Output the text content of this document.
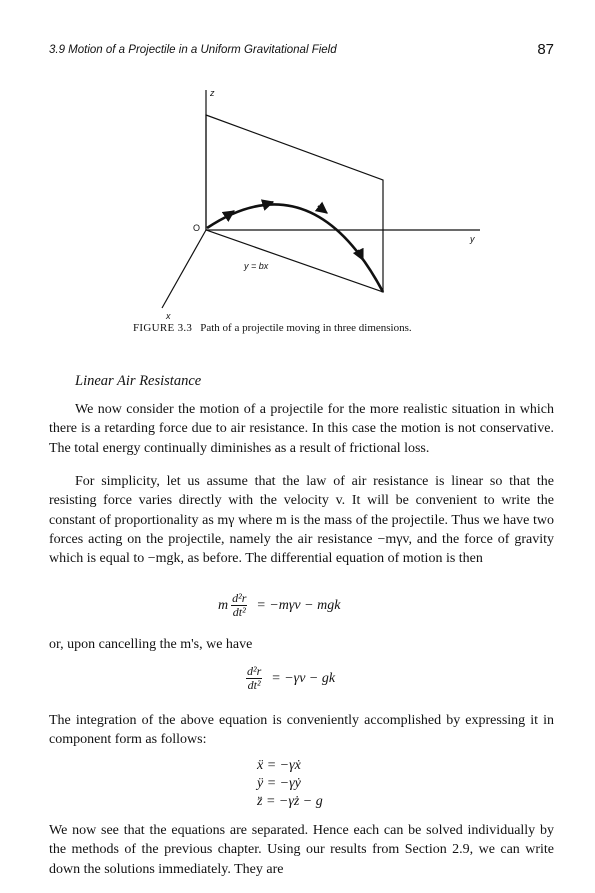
3.9 Motion of a Projectile in a Uniform Gravitational Field	87
z
O
y
x
y = bx
FIGURE 3.3 Path of a projectile moving in three dimensions.
Linear Air Resistance

We now consider the motion of a projectile for the more realistic situation in which there is a retarding force due to air resistance. In this case the motion is not conservative. The total energy continually diminishes as a result of frictional loss.

For simplicity, let us assume that the law of air resistance is linear so that the resisting force varies directly with the velocity v. It will be convenient to write the constant of proportionality as mγ where m is the mass of the projectile. Thus we have two forces acting on the projectile, namely the air resistance −mγv, and the force of gravity which is equal to −mgk, as before. The differential equation of motion is then

m $\frac{\text{d²r}}{\text{dt²}} = -m\gamma v$ − mgk

or, upon cancelling the m's, we have

$\frac{\text{d²r}}{\text{dt²}} = -\gamma v$ − gk

The integration of the above equation is conveniently accomplished by expressing it in component form as follows:

ẍ = −γẋ

ÿ = −γẏ

z̈ = −γż − g

We now see that the equations are separated. Hence each can be solved individually by the methods of the previous chapter. Using our results from Section 2.9, we can write down the solutions immediately. They are
